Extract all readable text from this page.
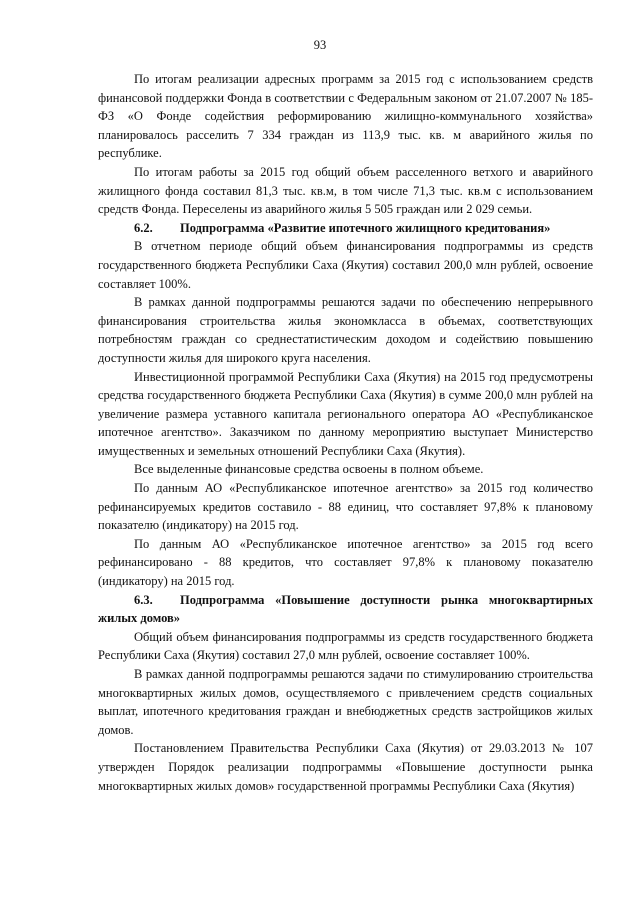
93

По итогам реализации адресных программ за 2015 год с использованием средств финансовой поддержки Фонда в соответствии с Федеральным законом от 21.07.2007 № 185-ФЗ «О Фонде содействия реформированию жилищно-коммунального хозяйства» планировалось расселить 7 334 граждан из 113,9 тыс. кв. м аварийного жилья по республике.

По итогам работы за 2015 год общий объем расселенного ветхого и аварийного жилищного фонда составил 81,3 тыс. кв.м, в том числе 71,3 тыс. кв.м с использованием средств Фонда. Переселены из аварийного жилья 5 505 граждан или 2 029 семьи.

6.2. Подпрограмма «Развитие ипотечного жилищного кредитования»

В отчетном периоде общий объем финансирования подпрограммы из средств государственного бюджета Республики Саха (Якутия) составил 200,0 млн рублей, освоение составляет 100%.

В рамках данной подпрограммы решаются задачи по обеспечению непрерывного финансирования строительства жилья экономкласса в объемах, соответствующих потребностям граждан со среднестатистическим доходом и содействию повышению доступности жилья для широкого круга населения.

Инвестиционной программой Республики Саха (Якутия) на 2015 год предусмотрены средства государственного бюджета Республики Саха (Якутия) в сумме 200,0 млн рублей на увеличение размера уставного капитала регионального оператора АО «Республиканское ипотечное агентство». Заказчиком по данному мероприятию выступает Министерство имущественных и земельных отношений Республики Саха (Якутия).

Все выделенные финансовые средства освоены в полном объеме.

По данным АО «Республиканское ипотечное агентство» за 2015 год количество рефинансируемых кредитов составило - 88 единиц, что составляет 97,8% к плановому показателю (индикатору) на 2015 год.

По данным АО «Республиканское ипотечное агентство» за 2015 год всего рефинансировано - 88 кредитов, что составляет 97,8% к плановому показателю (индикатору) на 2015 год.

6.3. Подпрограмма «Повышение доступности рынка многоквартирных жилых домов»

Общий объем финансирования подпрограммы из средств государственного бюджета Республики Саха (Якутия) составил 27,0 млн рублей, освоение составляет 100%.

В рамках данной подпрограммы решаются задачи по стимулированию строительства многоквартирных жилых домов, осуществляемого с привлечением средств социальных выплат, ипотечного кредитования граждан и внебюджетных средств застройщиков жилых домов.

Постановлением Правительства Республики Саха (Якутия) от 29.03.2013 № 107 утвержден Порядок реализации подпрограммы «Повышение доступности рынка многоквартирных жилых домов» государственной программы Республики Саха (Якутия)
